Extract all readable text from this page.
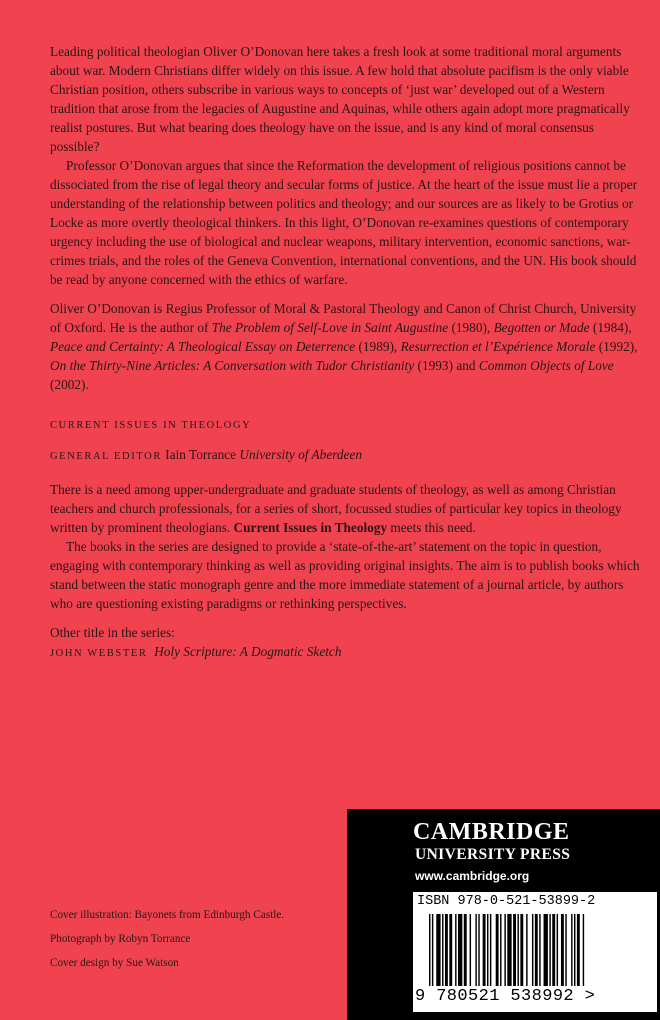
Leading political theologian Oliver O’Donovan here takes a fresh look at some traditional moral arguments about war. Modern Christians differ widely on this issue. A few hold that absolute pacifism is the only viable Christian position, others subscribe in various ways to concepts of ‘just war’ developed out of a Western tradition that arose from the legacies of Augustine and Aquinas, while others again adopt more pragmatically realist postures. But what bearing does theology have on the issue, and is any kind of moral consensus possible?

Professor O’Donovan argues that since the Reformation the development of religious positions cannot be dissociated from the rise of legal theory and secular forms of justice. At the heart of the issue must lie a proper understanding of the relationship between politics and theology; and our sources are as likely to be Grotius or Locke as more overtly theological thinkers. In this light, O’Donovan re-examines questions of contemporary urgency including the use of biological and nuclear weapons, military intervention, economic sanctions, war-crimes trials, and the roles of the Geneva Convention, international conventions, and the UN. His book should be read by anyone concerned with the ethics of warfare.

Oliver O’Donovan is Regius Professor of Moral & Pastoral Theology and Canon of Christ Church, University of Oxford. He is the author of The Problem of Self-Love in Saint Augustine (1980), Begotten or Made (1984), Peace and Certainty: A Theological Essay on Deterrence (1989), Resurrection et l’Expérience Morale (1992), On the Thirty-Nine Articles: A Conversation with Tudor Christianity (1993) and Common Objects of Love (2002).

CURRENT ISSUES IN THEOLOGY

GENERAL EDITOR Iain Torrance University of Aberdeen

There is a need among upper-undergraduate and graduate students of theology, as well as among Christian teachers and church professionals, for a series of short, focussed studies of particular key topics in theology written by prominent theologians. Current Issues in Theology meets this need.

The books in the series are designed to provide a ‘state-of-the-art’ statement on the topic in question, engaging with contemporary thinking as well as providing original insights. The aim is to publish books which stand between the static monograph genre and the more immediate statement of a journal article, by authors who are questioning existing paradigms or rethinking perspectives.

Other title in the series:

JOHN WEBSTER Holy Scripture: A Dogmatic Sketch

Cover illustration: Bayonets from Edinburgh Castle.

Photograph by Robyn Torrance

Cover design by Sue Watson

CAMBRIDGE
UNIVERSITY PRESS
www.cambridge.org
ISBN 978-0-521-53899-2
9 780521 538992 >
